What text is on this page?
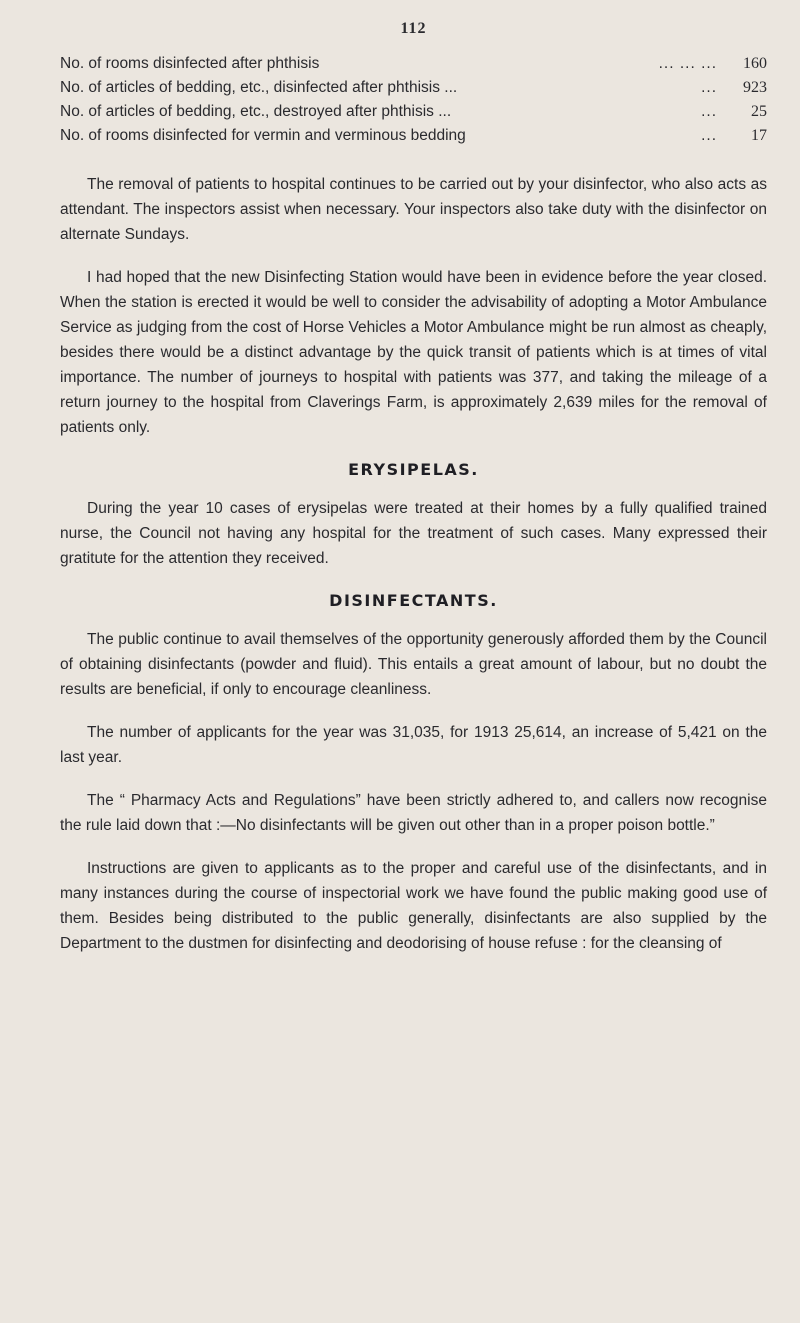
112
No. of rooms disinfected after phthisis	... ... ...	160
No. of articles of bedding, etc., disinfected after phthisis ...	...	923
No. of articles of bedding, etc., destroyed after phthisis ...	...	25
No. of rooms disinfected for vermin and verminous bedding	...	17

The removal of patients to hospital continues to be carried out by your disinfector, who also acts as attendant. The inspectors assist when necessary. Your inspectors also take duty with the disinfector on alternate Sundays.

I had hoped that the new Disinfecting Station would have been in evidence before the year closed. When the station is erected it would be well to consider the advisability of adopting a Motor Ambulance Service as judging from the cost of Horse Vehicles a Motor Ambulance might be run almost as cheaply, besides there would be a distinct advantage by the quick transit of patients which is at times of vital importance. The number of journeys to hospital with patients was 377, and taking the mileage of a return journey to the hospital from Claverings Farm, is approximately 2,639 miles for the removal of patients only.

ERYSIPELAS.

During the year 10 cases of erysipelas were treated at their homes by a fully qualified trained nurse, the Council not having any hospital for the treatment of such cases. Many expressed their gratitute for the attention they received.

DISINFECTANTS.

The public continue to avail themselves of the opportunity generously afforded them by the Council of obtaining disinfectants (powder and fluid). This entails a great amount of labour, but no doubt the results are beneficial, if only to encourage cleanliness.

The number of applicants for the year was 31,035, for 1913 25,614, an increase of 5,421 on the last year.

The “ Pharmacy Acts and Regulations” have been strictly adhered to, and callers now recognise the rule laid down that :—No disinfectants will be given out other than in a proper poison bottle.”

Instructions are given to applicants as to the proper and careful use of the disinfectants, and in many instances during the course of inspectorial work we have found the public making good use of them. Besides being distributed to the public generally, disinfectants are also supplied by the Department to the dustmen for disinfecting and deodorising of house refuse : for the cleansing of
